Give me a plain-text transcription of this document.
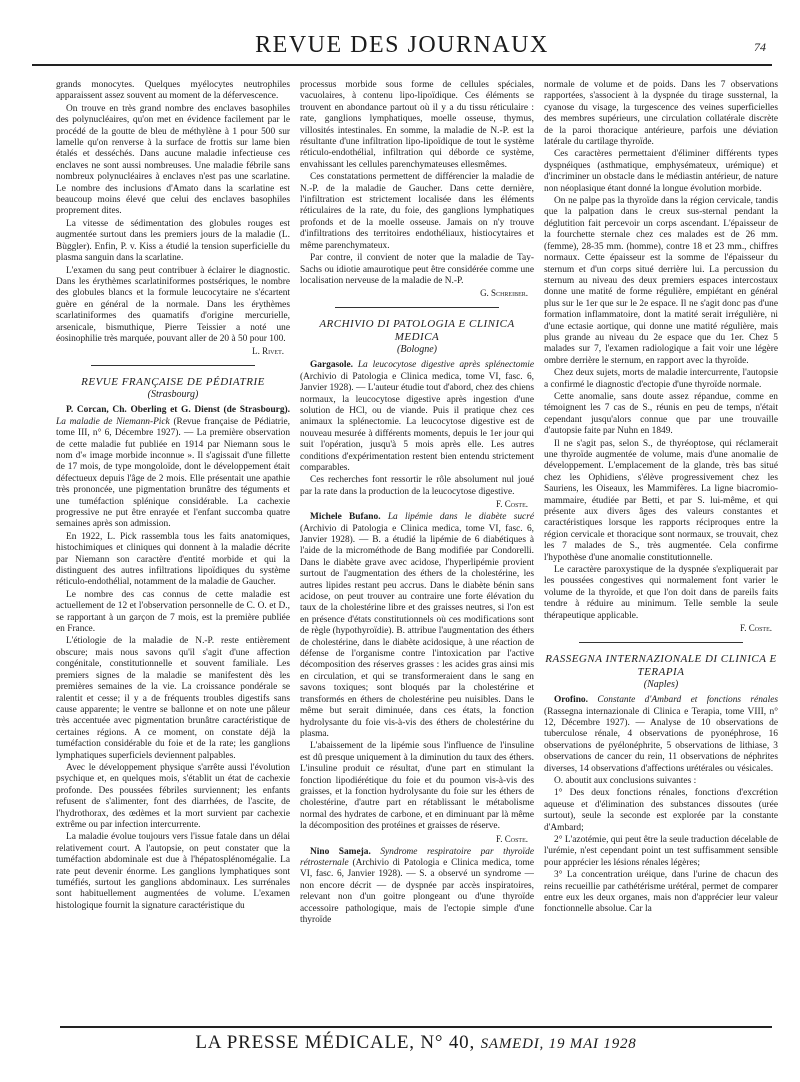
REVUE DES JOURNAUX	74

grands monocytes. Quelques myélocytes neutrophiles apparaissent assez souvent au moment de la défervescence.

On trouve en très grand nombre des enclaves basophiles des polynucléaires, qu'on met en évidence facilement par le procédé de la goutte de bleu de méthylène à 1 pour 500 sur lamelle qu'on renverse à la surface de frottis sur lame bien étalés et desséchés. Dans aucune maladie infectieuse ces enclaves ne sont aussi nombreuses. Une maladie fébrile sans nombreux polynucléaires à enclaves n'est pas une scarlatine. Le nombre des inclusions d'Amato dans la scarlatine est beaucoup moins élevé que celui des enclaves basophiles proprement dites.

La vitesse de sédimentation des globules rouges est augmentée surtout dans les premiers jours de la maladie (L. Bùggler). Enfin, P. v. Kiss a étudié la tension superficielle du plasma sanguin dans la scarlatine.

L'examen du sang peut contribuer à éclairer le diagnostic. Dans les érythèmes scarlatiniformes postsériques, le nombre des globules blancs et la formule leucocytaire ne s'écartent guère en général de la normale. Dans les érythèmes scarlatiniformes des quamatifs d'origine mercurielle, arsenicale, bismuthique, Pierre Teissier a noté une éosinophilie très marquée, pouvant aller de 20 à 50 pour 100.

L. Rivet.
REVUE FRANÇAISE DE PÉDIATRIE
(Strasbourg)

P. Corcan, Ch. Oberling et G. Dienst (de Strasbourg). La maladie de Niemann-Pick (Revue française de Pédiatrie, tome III, n° 6, Décembre 1927). — La première observation de cette maladie fut publiée en 1914 par Niemann sous le nom d'« image morbide inconnue ». Il s'agissait d'une fillette de 17 mois, de type mongoloïde, dont le développement était défectueux depuis l'âge de 2 mois. Elle présentait une apathie très prononcée, une pigmentation brunâtre des téguments et une tuméfaction splénique considérable. La cachexie progressive ne put être enrayée et l'enfant succomba quatre semaines après son admission.

En 1922, L. Pick rassembla tous les faits anatomiques, histochimiques et cliniques qui donnent à la maladie décrite par Niemann son caractère d'entité morbide et qui la distinguent des autres infiltrations lipoïdiques du système réticulo-endothélial, notamment de la maladie de Gaucher.

Le nombre des cas connus de cette maladie est actuellement de 12 et l'observation personnelle de C. O. et D., se rapportant à un garçon de 7 mois, est la première publiée en France.

L'étiologie de la maladie de N.-P. reste entièrement obscure; mais nous savons qu'il s'agit d'une affection congénitale, constitutionnelle et souvent familiale. Les premiers signes de la maladie se manifestent dès les premières semaines de la vie. La croissance pondérale se ralentit et cesse; il y a de fréquents troubles digestifs sans cause apparente; le ventre se ballonne et on note une pâleur très accentuée avec pigmentation brunâtre caractéristique de certaines régions. A ce moment, on constate déjà la tuméfaction considérable du foie et de la rate; les ganglions lymphatiques superficiels deviennent palpables.

Avec le développement physique s'arrête aussi l'évolution psychique et, en quelques mois, s'établit un état de cachexie profonde. Des poussées fébriles surviennent; les enfants refusent de s'alimenter, font des diarrhées, de l'ascite, de l'hydrothorax, des œdèmes et la mort survient par cachexie extrême ou par infection intercurrente.

La maladie évolue toujours vers l'issue fatale dans un délai relativement court. A l'autopsie, on peut constater que la tuméfaction abdominale est due à l'hépatosplénomégalie. La rate peut devenir énorme. Les ganglions lymphatiques sont tuméfiés, surtout les ganglions abdominaux. Les surrénales sont habituellement augmentées de volume. L'examen histologique fournit la signature caractéristique du

processus morbide sous forme de cellules spéciales, vacuolaires, à contenu lipo-lipoïdique. Ces éléments se trouvent en abondance partout où il y a du tissu réticulaire : rate, ganglions lymphatiques, moelle osseuse, thymus, villosités intestinales. En somme, la maladie de N.-P. est la résultante d'une infiltration lipo-lipoïdique de tout le système réticulo-endothélial, infiltration qui déborde ce système, envahissant les cellules parenchymateuses ellesmêmes.

Ces constatations permettent de différencier la maladie de N.-P. de la maladie de Gaucher. Dans cette dernière, l'infiltration est strictement localisée dans les éléments réticulaires de la rate, du foie, des ganglions lymphatiques profonds et de la moelle osseuse. Jamais on n'y trouve d'infiltrations des territoires endothéliaux, histiocytaires et même parenchymateux.

Par contre, il convient de noter que la maladie de Tay-Sachs ou idiotie amaurotique peut être considérée comme une localisation nerveuse de la maladie de N.-P.

G. Schreiber.
ARCHIVIO DI PATOLOGIA E CLINICA MEDICA
(Bologne)

Gargasole. La leucocytose digestive après splénectomie (Archivio di Patologia e Clinica medica, tome VI, fasc. 6, Janvier 1928). — L'auteur étudie tout d'abord, chez des chiens normaux, la leucocytose digestive après ingestion d'une solution de HCl, ou de viande. Puis il pratique chez ces animaux la splénectomie. La leucocytose digestive est de nouveau mesurée à différents moments, depuis le 1er jour qui suit l'opération, jusqu'à 5 mois après elle. Les autres conditions d'expérimentation restent bien entendu strictement comparables.

Ces recherches font ressortir le rôle absolument nul joué par la rate dans la production de la leucocytose digestive.

F. Coste.

Michele Bufano. La lipémie dans le diabète sucré (Archivio di Patologia e Clinica medica, tome VI, fasc. 6, Janvier 1928). — B. a étudié la lipémie de 6 diabétiques à l'aide de la microméthode de Bang modifiée par Condorelli. Dans le diabète grave avec acidose, l'hyperlipémie provient surtout de l'augmentation des éthers de la cholestérine, les autres lipides restant peu accrus. Dans le diabète bénin sans acidose, on peut trouver au contraire une forte élévation du taux de la cholestérine libre et des graisses neutres, si l'on est en présence d'états constitutionnels où ces modifications sont de règle (hypothyroïdie). B. attribue l'augmentation des éthers de cholestérine, dans le diabète acidosique, à une réaction de défense de l'organisme contre l'intoxication par l'active décomposition des réserves grasses : les acides gras ainsi mis en circulation, et qui se transformeraient dans le sang en savons toxiques; sont bloqués par la cholestérine et transformés en éthers de cholestérine peu nuisibles. Dans le même but serait diminuée, dans ces états, la fonction hydrolysante du foie vis-à-vis des éthers de cholestérine du plasma.

L'abaissement de la lipémie sous l'influence de l'insuline est dû presque uniquement à la diminution du taux des éthers. L'insuline produit ce résultat, d'une part en stimulant la fonction lipodiérétique du foie et du poumon vis-à-vis des graisses, et la fonction hydrolysante du foie sur les éthers de cholestérine, d'autre part en rétablissant le métabolisme normal des hydrates de carbone, et en diminuant par là même la décomposition des protéines et graisses de réserve.

F. Coste.

Nino Sameja. Syndrome respiratoire par thyroïde rétrosternale (Archivio di Patologia e Clinica medica, tome VI, fasc. 6, Janvier 1928). — S. a observé un syndrome — non encore décrit — de dyspnée par accès inspiratoires, relevant non d'un goitre plongeant ou d'une thyroïde accessoire pathologique, mais de l'ectopie simple d'une thyroïde

normale de volume et de poids. Dans les 7 observations rapportées, s'associent à la dyspnée du tirage sussternal, la cyanose du visage, la turgescence des veines superficielles des membres supérieurs, une circulation collatérale discrète de la paroi thoracique antérieure, parfois une déviation latérale du cartilage thyroïde.

Ces caractères permettaient d'éliminer différents types dyspnéiques (asthmatique, emphysémateux, urémique) et d'incriminer un obstacle dans le médiastin antérieur, de nature non néoplasique étant donné la longue évolution morbide.

On ne palpe pas la thyroïde dans la région cervicale, tandis que la palpation dans le creux sus-sternal pendant la déglutition fait percevoir un corps ascendant. L'épaisseur de la fourchette sternale chez ces malades est de 26 mm. (femme), 28-35 mm. (homme), contre 18 et 23 mm., chiffres normaux. Cette épaisseur est la somme de l'épaisseur du sternum et d'un corps situé derrière lui. La percussion du sternum au niveau des deux premiers espaces intercostaux donne une matité de forme régulière, empiétant en général plus sur le 1er que sur le 2e espace. Il ne s'agit donc pas d'une formation inflammatoire, dont la matité serait irrégulière, ni d'une ectasie aortique, qui donne une matité régulière, mais plus grande au niveau du 2e espace que du 1er. Chez 5 malades sur 7, l'examen radiologique a fait voir une légère ombre derrière le sternum, en rapport avec la thyroïde.

Chez deux sujets, morts de maladie intercurrente, l'autopsie a confirmé le diagnostic d'ectopie d'une thyroïde normale.

Cette anomalie, sans doute assez répandue, comme en témoignent les 7 cas de S., réunis en peu de temps, n'était cependant jusqu'alors connue que par une trouvaille d'autopsie faite par Nuhn en 1849.

Il ne s'agit pas, selon S., de thyréoptose, qui réclamerait une thyroïde augmentée de volume, mais d'une anomalie de développement. L'emplacement de la glande, très bas situé chez les Ophidiens, s'élève progressivement chez les Sauriens, les Oiseaux, les Mammifères. La ligne biacromio-mammaire, étudiée par Betti, et par S. lui-même, et qui présente aux divers âges des valeurs constantes et caractéristiques lorsque les rapports réciproques entre la région cervicale et thoracique sont normaux, se trouvait, chez les 7 malades de S., très augmentée. Cela confirme l'hypothèse d'une anomalie constitutionnelle.

Le caractère paroxystique de la dyspnée s'expliquerait par les poussées congestives qui normalement font varier le volume de la thyroïde, et que l'on doit dans de pareils faits tendre à réduire au minimum. Telle semble la seule thérapeutique applicable.

F. Coste.
RASSEGNA INTERNAZIONALE DI CLINICA E TERAPIA
(Naples)

Orofino. Constante d'Ambard et fonctions rénales (Rassegna internazionale di Clinica e Terapia, tome VIII, n° 12, Décembre 1927). — Analyse de 10 observations de tuberculose rénale, 4 observations de pyonéphrose, 16 observations de pyélonéphrite, 5 observations de lithiase, 3 observations de cancer du rein, 11 observations de néphrites diverses, 14 observations d'affections urétérales ou vésicales.

O. aboutit aux conclusions suivantes :

1° Des deux fonctions rénales, fonctions d'excrétion aqueuse et d'élimination des substances dissoutes (urée surtout), seule la seconde est explorée par la constante d'Ambard;

2° L'azotémie, qui peut être la seule traduction décelable de l'urémie, n'est cependant point un test suffisamment sensible pour apprécier les lésions rénales légères;

3° La concentration uréique, dans l'urine de chacun des reins recueillie par cathétérisme urétéral, permet de comparer entre eux les deux organes, mais non d'apprécier leur valeur fonctionnelle absolue. Car la

LA PRESSE MÉDICALE, N° 40, SAMEDI, 19 MAI 1928
